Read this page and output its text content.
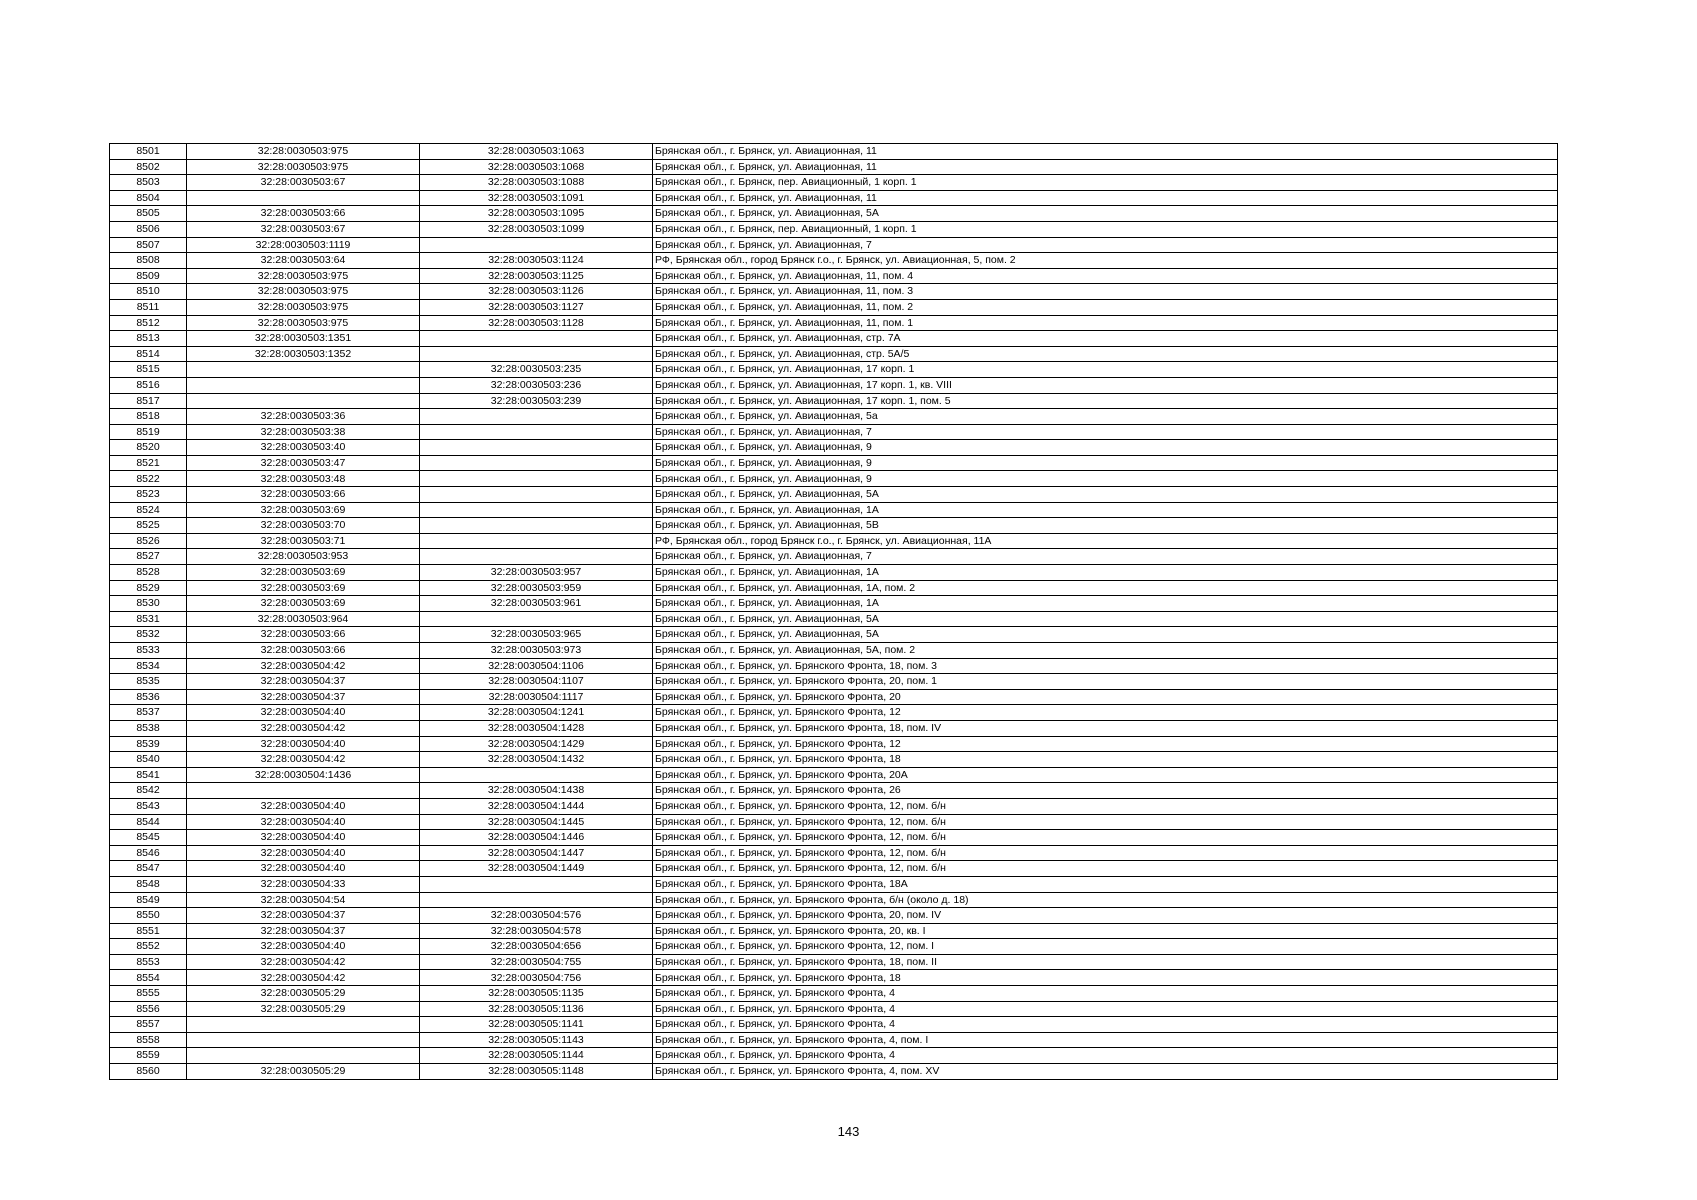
8501	32:28:0030503:975	32:28:0030503:1063	Брянская обл., г. Брянск, ул. Авиационная, 11
8502	32:28:0030503:975	32:28:0030503:1068	Брянская обл., г. Брянск, ул. Авиационная, 11
8503	32:28:0030503:67	32:28:0030503:1088	Брянская обл., г. Брянск, пер. Авиационный, 1 корп. 1
8504		32:28:0030503:1091	Брянская обл., г. Брянск, ул. Авиационная, 11
8505	32:28:0030503:66	32:28:0030503:1095	Брянская обл., г. Брянск, ул. Авиационная, 5А
8506	32:28:0030503:67	32:28:0030503:1099	Брянская обл., г. Брянск, пер. Авиационный, 1 корп. 1
8507	32:28:0030503:1119		Брянская обл., г. Брянск, ул. Авиационная, 7
8508	32:28:0030503:64	32:28:0030503:1124	РФ, Брянская обл., город Брянск г.о., г. Брянск, ул. Авиационная, 5, пом. 2
8509	32:28:0030503:975	32:28:0030503:1125	Брянская обл., г. Брянск, ул. Авиационная, 11, пом. 4
8510	32:28:0030503:975	32:28:0030503:1126	Брянская обл., г. Брянск, ул. Авиационная, 11, пом. 3
8511	32:28:0030503:975	32:28:0030503:1127	Брянская обл., г. Брянск, ул. Авиационная, 11, пом. 2
8512	32:28:0030503:975	32:28:0030503:1128	Брянская обл., г. Брянск, ул. Авиационная, 11, пом. 1
8513	32:28:0030503:1351		Брянская обл., г. Брянск, ул. Авиационная, стр. 7А
8514	32:28:0030503:1352		Брянская обл., г. Брянск, ул. Авиационная, стр. 5А/5
8515		32:28:0030503:235	Брянская обл., г. Брянск, ул. Авиационная, 17 корп. 1
8516		32:28:0030503:236	Брянская обл., г. Брянск, ул. Авиационная, 17 корп. 1, кв. VIII
8517		32:28:0030503:239	Брянская обл., г. Брянск, ул. Авиационная, 17 корп. 1, пом. 5
8518	32:28:0030503:36		Брянская обл., г. Брянск, ул. Авиационная, 5а
8519	32:28:0030503:38		Брянская обл., г. Брянск, ул. Авиационная, 7
8520	32:28:0030503:40		Брянская обл., г. Брянск, ул. Авиационная, 9
8521	32:28:0030503:47		Брянская обл., г. Брянск, ул. Авиационная, 9
8522	32:28:0030503:48		Брянская обл., г. Брянск, ул. Авиационная, 9
8523	32:28:0030503:66		Брянская обл., г. Брянск, ул. Авиационная, 5А
8524	32:28:0030503:69		Брянская обл., г. Брянск, ул. Авиационная, 1А
8525	32:28:0030503:70		Брянская обл., г. Брянск, ул. Авиационная, 5В
8526	32:28:0030503:71		РФ, Брянская обл., город Брянск г.о., г. Брянск, ул. Авиационная, 11А
8527	32:28:0030503:953		Брянская обл., г. Брянск, ул. Авиационная, 7
8528	32:28:0030503:69	32:28:0030503:957	Брянская обл., г. Брянск, ул. Авиационная, 1А
8529	32:28:0030503:69	32:28:0030503:959	Брянская обл., г. Брянск, ул. Авиационная, 1А, пом. 2
8530	32:28:0030503:69	32:28:0030503:961	Брянская обл., г. Брянск, ул. Авиационная, 1А
8531	32:28:0030503:964		Брянская обл., г. Брянск, ул. Авиационная, 5А
8532	32:28:0030503:66	32:28:0030503:965	Брянская обл., г. Брянск, ул. Авиационная, 5А
8533	32:28:0030503:66	32:28:0030503:973	Брянская обл., г. Брянск, ул. Авиационная, 5А, пом. 2
8534	32:28:0030504:42	32:28:0030504:1106	Брянская обл., г. Брянск, ул. Брянского Фронта, 18, пом. 3
8535	32:28:0030504:37	32:28:0030504:1107	Брянская обл., г. Брянск, ул. Брянского Фронта, 20, пом. 1
8536	32:28:0030504:37	32:28:0030504:1117	Брянская обл., г. Брянск, ул. Брянского Фронта, 20
8537	32:28:0030504:40	32:28:0030504:1241	Брянская обл., г. Брянск, ул. Брянского Фронта, 12
8538	32:28:0030504:42	32:28:0030504:1428	Брянская обл., г. Брянск, ул. Брянского Фронта, 18, пом. IV
8539	32:28:0030504:40	32:28:0030504:1429	Брянская обл., г. Брянск, ул. Брянского Фронта, 12
8540	32:28:0030504:42	32:28:0030504:1432	Брянская обл., г. Брянск, ул. Брянского Фронта, 18
8541	32:28:0030504:1436		Брянская обл., г. Брянск, ул. Брянского Фронта, 20А
8542		32:28:0030504:1438	Брянская обл., г. Брянск, ул. Брянского Фронта, 26
8543	32:28:0030504:40	32:28:0030504:1444	Брянская обл., г. Брянск, ул. Брянского Фронта, 12, пом. б/н
8544	32:28:0030504:40	32:28:0030504:1445	Брянская обл., г. Брянск, ул. Брянского Фронта, 12, пом. б/н
8545	32:28:0030504:40	32:28:0030504:1446	Брянская обл., г. Брянск, ул. Брянского Фронта, 12, пом. б/н
8546	32:28:0030504:40	32:28:0030504:1447	Брянская обл., г. Брянск, ул. Брянского Фронта, 12, пом. б/н
8547	32:28:0030504:40	32:28:0030504:1449	Брянская обл., г. Брянск, ул. Брянского Фронта, 12, пом. б/н
8548	32:28:0030504:33		Брянская обл., г. Брянск, ул. Брянского Фронта, 18А
8549	32:28:0030504:54		Брянская обл., г. Брянск, ул. Брянского Фронта, б/н (около д. 18)
8550	32:28:0030504:37	32:28:0030504:576	Брянская обл., г. Брянск, ул. Брянского Фронта, 20, пом. IV
8551	32:28:0030504:37	32:28:0030504:578	Брянская обл., г. Брянск, ул. Брянского Фронта, 20, кв. I
8552	32:28:0030504:40	32:28:0030504:656	Брянская обл., г. Брянск, ул. Брянского Фронта, 12, пом. I
8553	32:28:0030504:42	32:28:0030504:755	Брянская обл., г. Брянск, ул. Брянского Фронта, 18, пом. II
8554	32:28:0030504:42	32:28:0030504:756	Брянская обл., г. Брянск, ул. Брянского Фронта, 18
8555	32:28:0030505:29	32:28:0030505:1135	Брянская обл., г. Брянск, ул. Брянского Фронта, 4
8556	32:28:0030505:29	32:28:0030505:1136	Брянская обл., г. Брянск, ул. Брянского Фронта, 4
8557		32:28:0030505:1141	Брянская обл., г. Брянск, ул. Брянского Фронта, 4
8558		32:28:0030505:1143	Брянская обл., г. Брянск, ул. Брянского Фронта, 4, пом. I
8559		32:28:0030505:1144	Брянская обл., г. Брянск, ул. Брянского Фронта, 4
8560	32:28:0030505:29	32:28:0030505:1148	Брянская обл., г. Брянск, ул. Брянского Фронта, 4, пом. XV
143
